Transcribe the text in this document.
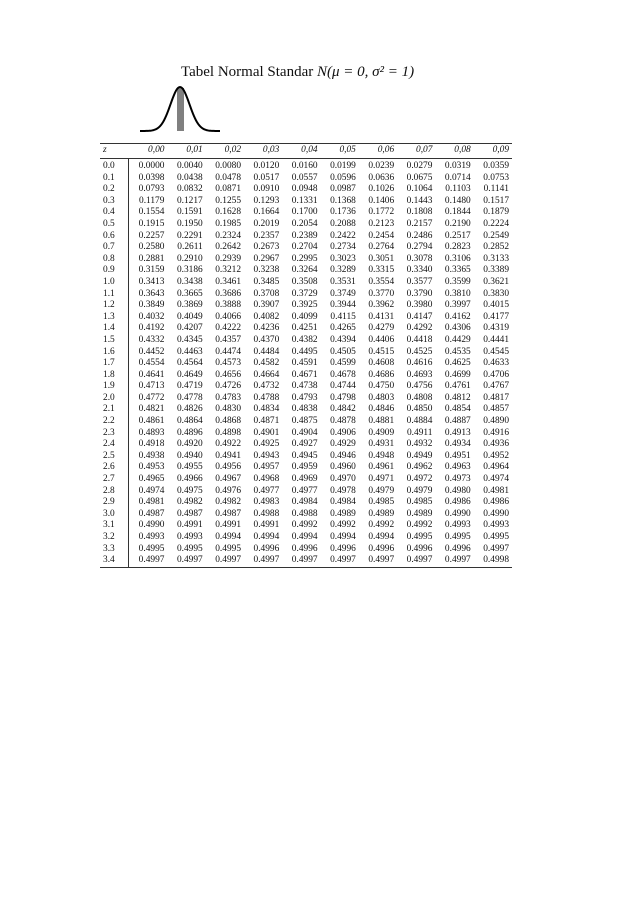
Tabel Normal Standar N(μ = 0, σ² = 1)
z	0,00	0,01	0,02	0,03	0,04	0,05	0,06	0,07	0,08	0,09
0.0	0.0000	0.0040	0.0080	0.0120	0.0160	0.0199	0.0239	0.0279	0.0319	0.0359
0.1	0.0398	0.0438	0.0478	0.0517	0.0557	0.0596	0.0636	0.0675	0.0714	0.0753
0.2	0.0793	0.0832	0.0871	0.0910	0.0948	0.0987	0.1026	0.1064	0.1103	0.1141
0.3	0.1179	0.1217	0.1255	0.1293	0.1331	0.1368	0.1406	0.1443	0.1480	0.1517
0.4	0.1554	0.1591	0.1628	0.1664	0.1700	0.1736	0.1772	0.1808	0.1844	0.1879
0.5	0.1915	0.1950	0.1985	0.2019	0.2054	0.2088	0.2123	0.2157	0.2190	0.2224
0.6	0.2257	0.2291	0.2324	0.2357	0.2389	0.2422	0.2454	0.2486	0.2517	0.2549
0.7	0.2580	0.2611	0.2642	0.2673	0.2704	0.2734	0.2764	0.2794	0.2823	0.2852
0.8	0.2881	0.2910	0.2939	0.2967	0.2995	0.3023	0.3051	0.3078	0.3106	0.3133
0.9	0.3159	0.3186	0.3212	0.3238	0.3264	0.3289	0.3315	0.3340	0.3365	0.3389
1.0	0.3413	0.3438	0.3461	0.3485	0.3508	0.3531	0.3554	0.3577	0.3599	0.3621
1.1	0.3643	0.3665	0.3686	0.3708	0.3729	0.3749	0.3770	0.3790	0.3810	0.3830
1.2	0.3849	0.3869	0.3888	0.3907	0.3925	0.3944	0.3962	0.3980	0.3997	0.4015
1.3	0.4032	0.4049	0.4066	0.4082	0.4099	0.4115	0.4131	0.4147	0.4162	0.4177
1.4	0.4192	0.4207	0.4222	0.4236	0.4251	0.4265	0.4279	0.4292	0.4306	0.4319
1.5	0.4332	0.4345	0.4357	0.4370	0.4382	0.4394	0.4406	0.4418	0.4429	0.4441
1.6	0.4452	0.4463	0.4474	0.4484	0.4495	0.4505	0.4515	0.4525	0.4535	0.4545
1.7	0.4554	0.4564	0.4573	0.4582	0.4591	0.4599	0.4608	0.4616	0.4625	0.4633
1.8	0.4641	0.4649	0.4656	0.4664	0.4671	0.4678	0.4686	0.4693	0.4699	0.4706
1.9	0.4713	0.4719	0.4726	0.4732	0.4738	0.4744	0.4750	0.4756	0.4761	0.4767
2.0	0.4772	0.4778	0.4783	0.4788	0.4793	0.4798	0.4803	0.4808	0.4812	0.4817
2.1	0.4821	0.4826	0.4830	0.4834	0.4838	0.4842	0.4846	0.4850	0.4854	0.4857
2.2	0.4861	0.4864	0.4868	0.4871	0.4875	0.4878	0.4881	0.4884	0.4887	0.4890
2.3	0.4893	0.4896	0.4898	0.4901	0.4904	0.4906	0.4909	0.4911	0.4913	0.4916
2.4	0.4918	0.4920	0.4922	0.4925	0.4927	0.4929	0.4931	0.4932	0.4934	0.4936
2.5	0.4938	0.4940	0.4941	0.4943	0.4945	0.4946	0.4948	0.4949	0.4951	0.4952
2.6	0.4953	0.4955	0.4956	0.4957	0.4959	0.4960	0.4961	0.4962	0.4963	0.4964
2.7	0.4965	0.4966	0.4967	0.4968	0.4969	0.4970	0.4971	0.4972	0.4973	0.4974
2.8	0.4974	0.4975	0.4976	0.4977	0.4977	0.4978	0.4979	0.4979	0.4980	0.4981
2.9	0.4981	0.4982	0.4982	0.4983	0.4984	0.4984	0.4985	0.4985	0.4986	0.4986
3.0	0.4987	0.4987	0.4987	0.4988	0.4988	0.4989	0.4989	0.4989	0.4990	0.4990
3.1	0.4990	0.4991	0.4991	0.4991	0.4992	0.4992	0.4992	0.4992	0.4993	0.4993
3.2	0.4993	0.4993	0.4994	0.4994	0.4994	0.4994	0.4994	0.4995	0.4995	0.4995
3.3	0.4995	0.4995	0.4995	0.4996	0.4996	0.4996	0.4996	0.4996	0.4996	0.4997
3.4	0.4997	0.4997	0.4997	0.4997	0.4997	0.4997	0.4997	0.4997	0.4997	0.4998
